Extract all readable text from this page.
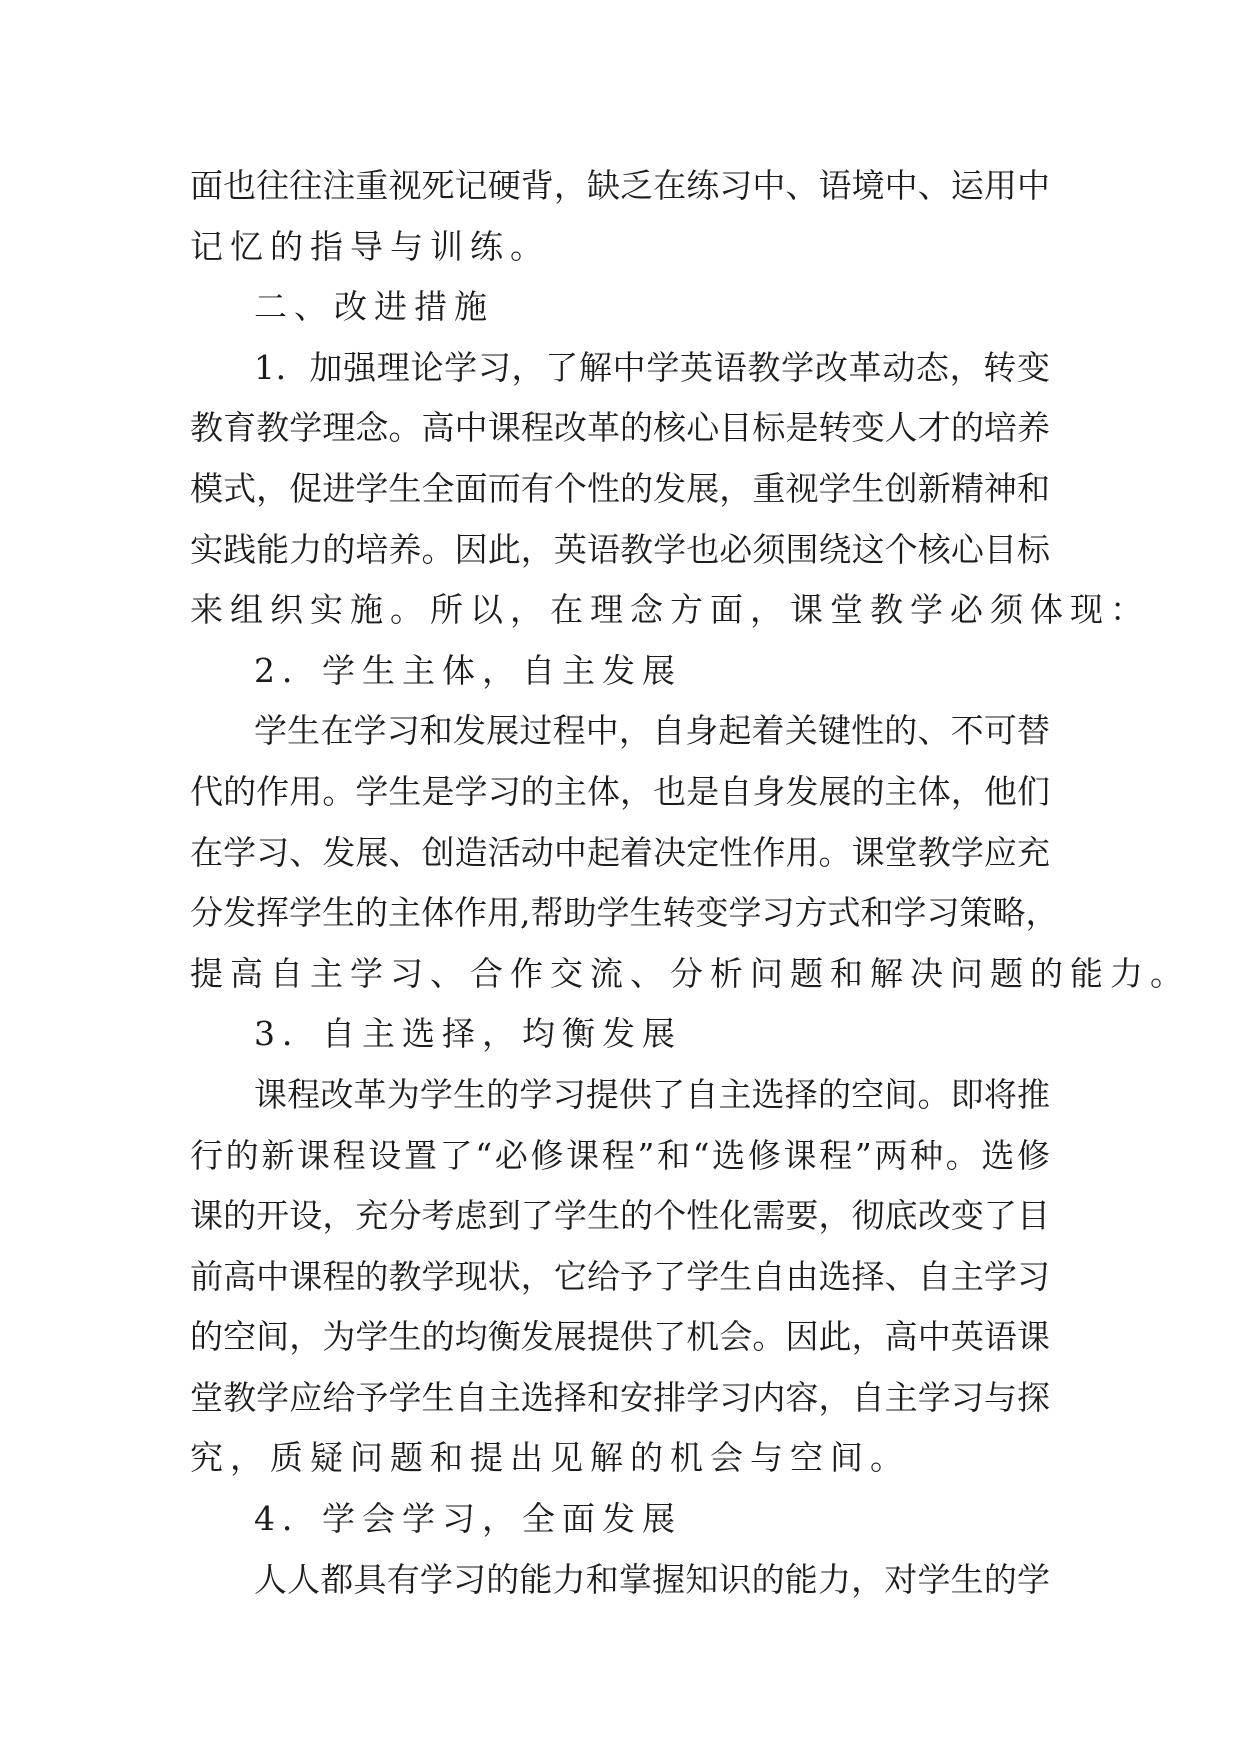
面也往往注重视死记硬背，缺乏在练习中、语境中、运用中
记忆的指导与训练。
二、改进措施
1．加强理论学习，了解中学英语教学改革动态，转变
教育教学理念。高中课程改革的核心目标是转变人才的培养
模式，促进学生全面而有个性的发展，重视学生创新精神和
实践能力的培养。因此，英语教学也必须围绕这个核心目标
来组织实施。所以，在理念方面，课堂教学必须体现：
2．学生主体，自主发展
学生在学习和发展过程中，自身起着关键性的、不可替
代的作用。学生是学习的主体，也是自身发展的主体，他们
在学习、发展、创造活动中起着决定性作用。课堂教学应充
分发挥学生的主体作用,帮助学生转变学习方式和学习策略，
提高自主学习、合作交流、分析问题和解决问题的能力。
3．自主选择，均衡发展
课程改革为学生的学习提供了自主选择的空间。即将推
行的新课程设置了“必修课程”和“选修课程”两种。选修
课的开设，充分考虑到了学生的个性化需要，彻底改变了目
前高中课程的教学现状，它给予了学生自由选择、自主学习
的空间，为学生的均衡发展提供了机会。因此，高中英语课
堂教学应给予学生自主选择和安排学习内容，自主学习与探
究，质疑问题和提出见解的机会与空间。
4．学会学习，全面发展
人人都具有学习的能力和掌握知识的能力，对学生的学
